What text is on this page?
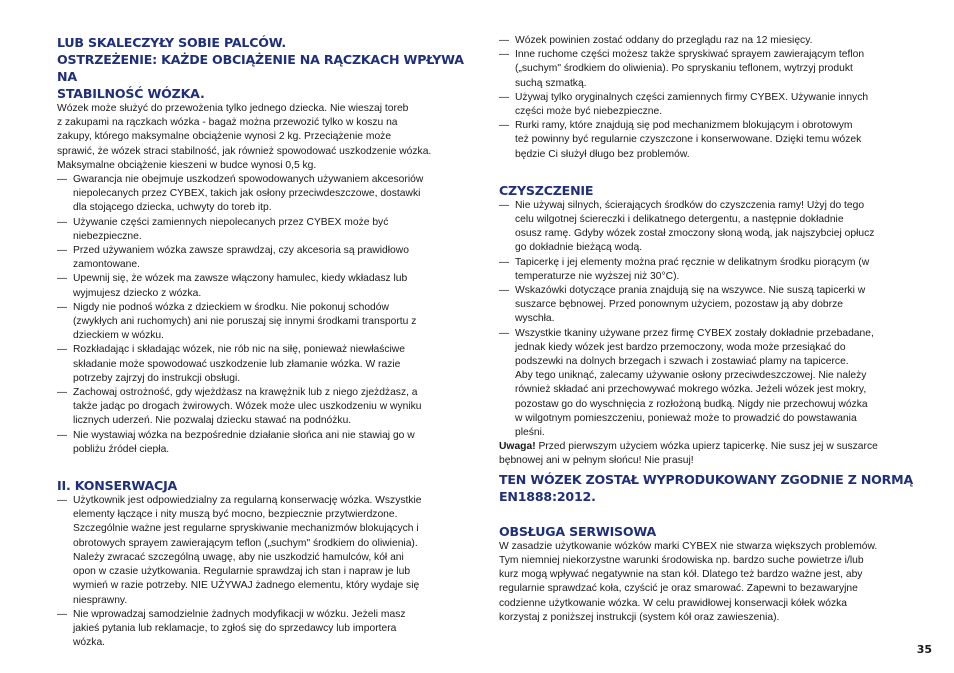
LUB SKALECZYŁY SOBIE PALCÓW.
OSTRZEŻENIE: KAŻDE OBCIĄŻENIE NA RĄCZKACH WPŁYWA NA
STABILNOŚĆ WÓZKA.

Wózek może służyć do przewożenia tylko jednego dziecka. Nie wieszaj toreb
z zakupami na rączkach wózka - bagaż można przewozić tylko w koszu na
zakupy, którego maksymalne obciążenie wynosi 2 kg. Przeciążenie może
sprawić, że wózek straci stabilność, jak również spowodować uszkodzenie wózka.
Maksymalne obciążenie kieszeni w budce wynosi 0,5 kg.

— Gwarancja nie obejmuje uszkodzeń spowodowanych używaniem akcesoriów
niepolecanych przez CYBEX, takich jak osłony przeciwdeszczowe, dostawki
dla stojącego dziecka, uchwyty do toreb itp.
— Używanie części zamiennych niepolecanych przez CYBEX może być
niebezpieczne.
— Przed używaniem wózka zawsze sprawdzaj, czy akcesoria są prawidłowo
zamontowane.
— Upewnij się, że wózek ma zawsze włączony hamulec, kiedy wkładasz lub
wyjmujesz dziecko z wózka.
— Nigdy nie podnoś wózka z dzieckiem w środku. Nie pokonuj schodów
(zwykłych ani ruchomych) ani nie poruszaj się innymi środkami transportu z
dzieckiem w wózku.
— Rozkładając i składając wózek, nie rób nic na siłę, ponieważ niewłaściwe
składanie może spowodować uszkodzenie lub złamanie wózka. W razie
potrzeby zajrzyj do instrukcji obsługi.
— Zachowaj ostrożność, gdy wjeżdżasz na krawężnik lub z niego zjeżdżasz, a
także jadąc po drogach żwirowych. Wózek może ulec uszkodzeniu w wyniku
licznych uderzeń. Nie pozwalaj dziecku stawać na podnóżku.
— Nie wystawiaj wózka na bezpośrednie działanie słońca ani nie stawiaj go w
pobliżu źródeł ciepła.
II. KONSERWACJA
— Użytkownik jest odpowiedzialny za regularną konserwację wózka. Wszystkie
elementy łączące i nity muszą być mocno, bezpiecznie przytwierdzone.
Szczególnie ważne jest regularne spryskiwanie mechanizmów blokujących i
obrotowych sprayem zawierającym teflon („suchym" środkiem do oliwienia).
Należy zwracać szczególną uwagę, aby nie uszkodzić hamulców, kół ani
opon w czasie użytkowania. Regularnie sprawdzaj ich stan i napraw je lub
wymień w razie potrzeby. NIE UŻYWAJ żadnego elementu, który wydaje się
niesprawny.
— Nie wprowadzaj samodzielnie żadnych modyfikacji w wózku. Jeżeli masz
jakieś pytania lub reklamacje, to zgłoś się do sprzedawcy lub importera
wózka.
— Wózek powinien zostać oddany do przeglądu raz na 12 miesięcy.
— Inne ruchome części możesz także spryskiwać sprayem zawierającym teflon
(„suchym" środkiem do oliwienia). Po spryskaniu teflonem, wytrzyj produkt
suchą szmatką.
— Używaj tylko oryginalnych części zamiennych firmy CYBEX. Używanie innych
części może być niebezpieczne.
— Rurki ramy, które znajdują się pod mechanizmem blokującym i obrotowym
też powinny być regularnie czyszczone i konserwowane. Dzięki temu wózek
będzie Ci służył długo bez problemów.
CZYSZCZENIE
— Nie używaj silnych, ścierających środków do czyszczenia ramy! Użyj do tego
celu wilgotnej ściereczki i delikatnego detergentu, a następnie dokładnie
osusz ramę. Gdyby wózek został zmoczony słoną wodą, jak najszybciej opłucz
go dokładnie bieżącą wodą.
— Tapicerkę i jej elementy można prać ręcznie w delikatnym środku piorącym (w
temperaturze nie wyższej niż 30°C).
— Wskazówki dotyczące prania znajdują się na wszywce. Nie suszą tapicerki w
suszarce bębnowej. Przed ponownym użyciem, pozostaw ją aby dobrze
wyschła.
— Wszystkie tkaniny używane przez firmę CYBEX zostały dokładnie przebadane,
jednak kiedy wózek jest bardzo przemoczony, woda może przesiąkać do
podszewki na dolnych brzegach i szwach i zostawiać plamy na tapicerce.
Aby tego uniknąć, zalecamy używanie osłony przeciwdeszczowej. Nie należy
również składać ani przechowywać mokrego wózka. Jeżeli wózek jest mokry,
pozostaw go do wyschnięcia z rozłożoną budką. Nigdy nie przechowuj wózka
w wilgotnym pomieszczeniu, ponieważ może to prowadzić do powstawania
pleśni.

Uwaga! Przed pierwszym użyciem wózka upierz tapicerkę. Nie susz jej w suszarce
bębnowej ani w pełnym słońcu! Nie prasuj!

TEN WÓZEK ZOSTAŁ WYPRODUKOWANY ZGODNIE Z NORMĄ
EN1888:2012.
OBSŁUGA SERWISOWA

W zasadzie użytkowanie wózków marki CYBEX nie stwarza większych problemów.
Tym niemniej niekorzystne warunki środowiska np. bardzo suche powietrze i/lub
kurz mogą wpływać negatywnie na stan kół. Dlatego też bardzo ważne jest, aby
regularnie sprawdzać koła, czyścić je oraz smarować. Zapewni to bezawaryjne
codzienne użytkowanie wózka. W celu prawidłowej konserwacji kółek wózka
korzystaj z poniższej instrukcji (system kół oraz zawieszenia).

35
